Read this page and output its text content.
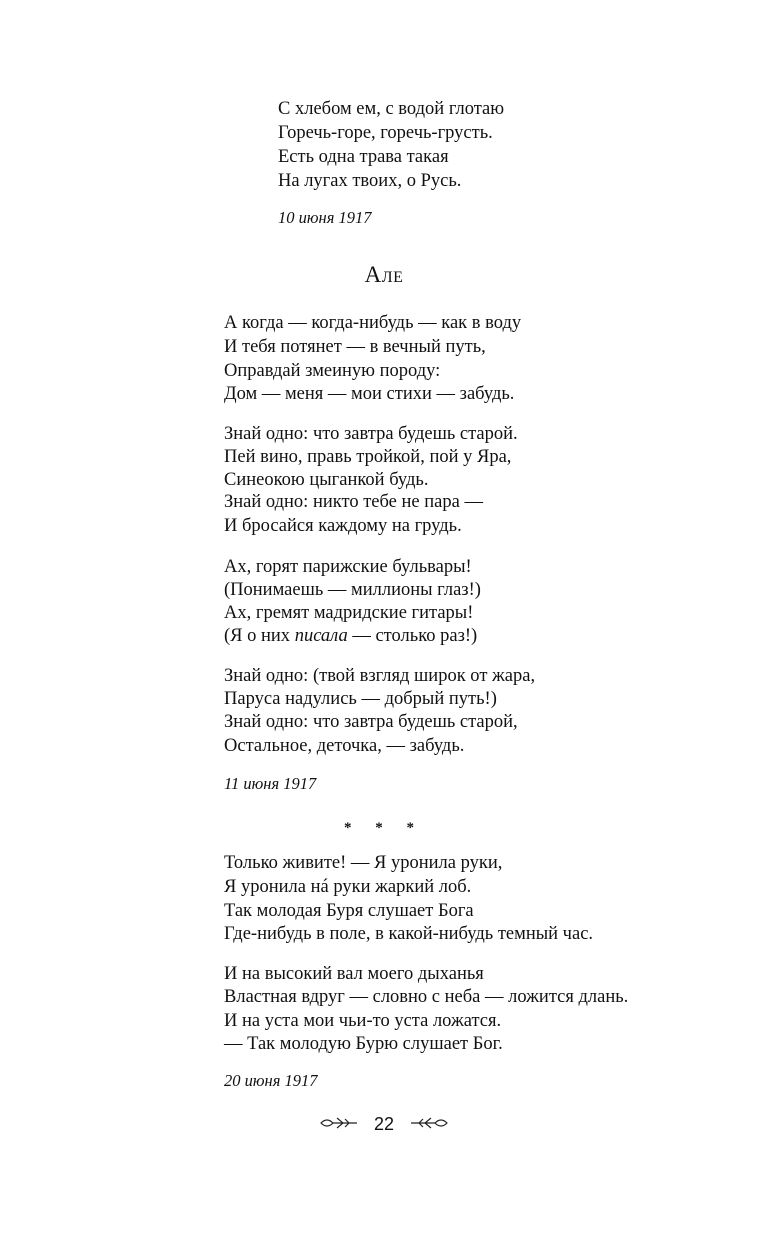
С хлебом ем, с водой глотаю
Горечь-горе, горечь-грусть.
Есть одна трава такая
На лугах твоих, о Русь.
10 июня 1917
Але
А когда — когда-нибудь — как в воду
И тебя потянет — в вечный путь,
Оправдай змеиную породу:
Дом — меня — мои стихи — забудь.
Знай одно: что завтра будешь старой.
Пей вино, правь тройкой, пой у Яра,
Синеокою цыганкой будь.
Знай одно: никто тебе не пара —
И бросайся каждому на грудь.
Ах, горят парижские бульвары!
(Понимаешь — миллионы глаз!)
Ах, гремят мадридские гитары!
(Я о них писала — столько раз!)
Знай одно: (твой взгляд широк от жара,
Паруса надулись — добрый путь!)
Знай одно: что завтра будешь старой,
Остальное, деточка, — забудь.
11 июня 1917
* * *
Только живите! — Я уронила руки,
Я уронила нá руки жаркий лоб.
Так молодая Буря слушает Бога
Где-нибудь в поле, в какой-нибудь темный час.
И на высокий вал моего дыханья
Властная вдруг — словно с неба — ложится длань.
И на уста мои чьи-то уста ложатся.
— Так молодую Бурю слушает Бог.
20 июня 1917
22
